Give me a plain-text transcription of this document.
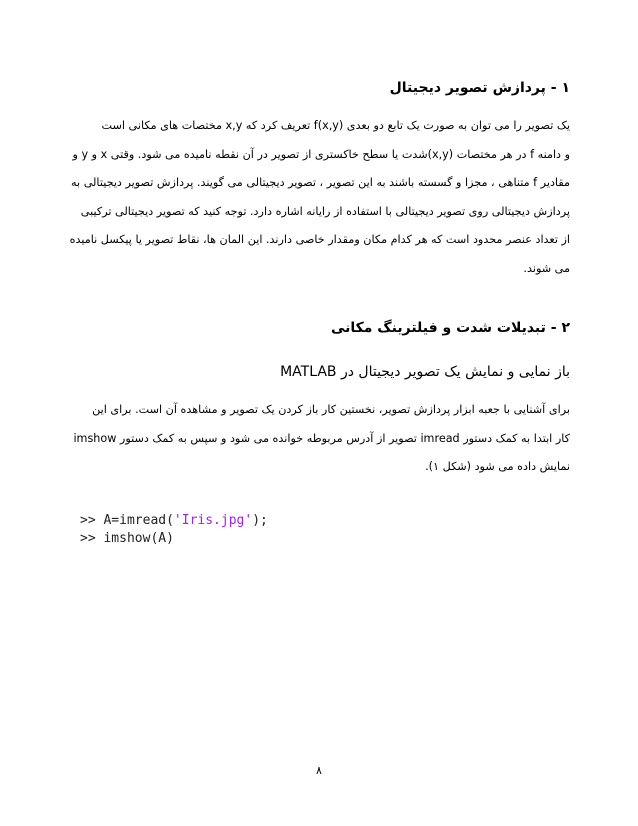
۱ - پردازش تصویر دیجیتال
یک تصویر را می توان به صورت یک تابع دو بعدی f(x,y) تعریف کرد که x,y مختصات های مکانی است
و دامنه f در هر مختصات (x,y)شدت یا سطح خاکستری از تصویر در آن نقطه نامیده می شود. وقتی x و y و
مقادیر f متناهی ، مجزا و گسسته باشند به این تصویر ، تصویر دیجیتالی می گویند. پردازش تصویر دیجیتالی به
پردازش دیجیتالی روی تصویر دیجیتالی با استفاده از رایانه اشاره دارد. توجه کنید که تصویر دیجیتالی ترکیبی
از تعداد عنصر محدود است که هر کدام مکان ومقدار خاصی دارند. این المان ها، نقاط تصویر یا پیکسل نامیده
می شوند.
۲ - تبدیلات شدت و فیلترینگ مکانی
باز نمایی و نمایش یک تصویر دیجیتال در MATLAB
برای آشنایی با جعبه ابزار پردازش تصویر، نخستین کار باز کردن یک تصویر و مشاهده آن است. برای این
کار ابتدا به کمک دستور imread تصویر از آدرس مربوطه خوانده می شود و سپس به کمک دستور imshow
نمایش داده می شود (شکل ۱).
>> A=imread('Iris.jpg');
>> imshow(A)
۸
